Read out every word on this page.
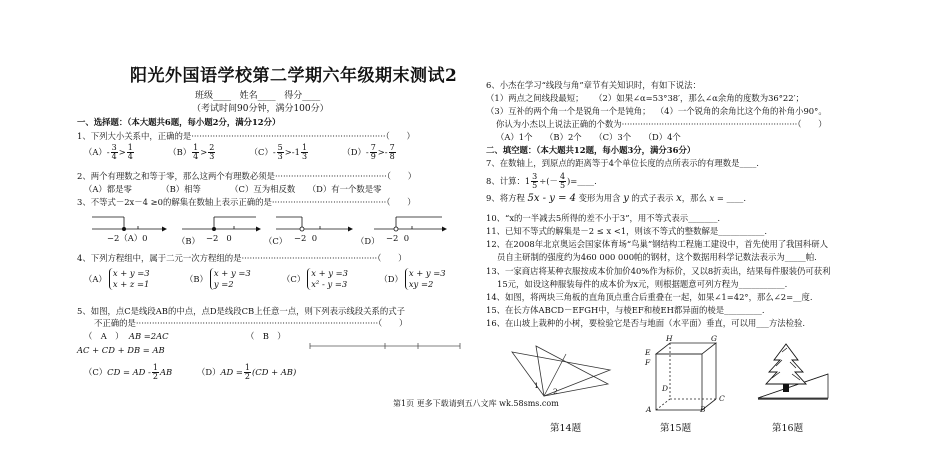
阳光外国语学校第二学期六年级期末测试2
班级____ 姓名____ 得分____
（考试时间90分钟，满分100分）
一、选择题：（本大题共6题，每小题2分，满分12分）
1、下列大小关系中，正确的是·········································································（　　）
$(A)- \frac{3}{4} > \frac{1}{4}$	$(B) \frac{1}{4} > \frac{2}{3}$	$(C)- \frac{5}{3} >-1 \frac{1}{3}$	$(D)- \frac{7}{9} >- \frac{7}{8}$
2、两个有理数之和等于零，那么这两个有理数必须是··········································（　　）
（A）都是零　　　　（B）相等　　　　（C）互为相反数　　（D）有一个数是零
3、不等式－2x－4 ≥0的解集在数轴上表示正确的是···········································（　　）
−2（A）0	（B） −2 0	（C） −2 0	（D） −2 0
4、下列方程组中，属于二元一次方程组的是···················································（　　）
（A）
x + y =3
x + z =1
（B）
x + y =3
y =2
（C）
x + y =3
x² - y =3
（D）
x + y =3
xy =2
5、如图，点C是线段AB的中点，点D是线段CB上任意一点，则下列表示线段关系的式子
不正确的是···························································································（　　）
（　A　） AB =2AC	（　B　）
AC + CD + DB = AB
（C）CD = AD - $\frac{1}{2}$ AB	$(D)AD = \frac{1}{2} (CD + AB)$
第1页 更多下载请到五八文库 wk.58sms.com
6、小杰在学习“线段与角”章节有关知识时，有如下说法：
（1）两点之间线段最短； （2）如果∠α=53°38′，那么∠α余角的度数为36°22′；
（3）互补的两个角一个是锐角一个是钝角； （4）一个锐角的余角比这个角的补角小90°。
你认为小杰以上说法正确的个数为··································································（　　）
（A）1个　　（B）2个　　（C）3个　　（D）4个
二、填空题：（本大题共12题，每小题3分，满分36分）
7、在数轴上，到原点的距离等于4个单位长度的点所表示的有理数是____.
8、计算：$1 \frac{3}{5}$ ÷(－ $\frac{4}{5}$ )=____.
9、将方程 5x - y = 4 变形为用含 y 的式子表示 x，那么 x = ____.
10、“x的一半减去5所得的差不小于3”，用不等式表示_______.
11、已知不等式的解集是－2 ≤ x <1，则该不等式的整数解是___________.
12、在2008年北京奥运会国家体育场“鸟巢”钢结构工程施工建设中，首先使用了我国科研人
员自主研制的强度约为460 000 000帕的钢材，这个数据用科学记数法表示为_____帕.
13、一家商店将某种衣服按成本价加价40%作为标价，又以8折卖出，结果每件服装仍可获利
15元，如设这种服装每件的成本价为x元，则根据题意可列方程为___________.
14、如图，将两块三角板的直角顶点重合后重叠在一起，如果∠1=42°，那么∠2=__度.
15、在长方体ABCD－EFGH中，与棱EF和棱EH都异面的棱是_________.
16、在山坡上栽种的小树，要检验它是否与地面（水平面）垂直，可以用___方法检验.
1
2
第14题
H	G
E
F
D
C
A	B
第15题	第16题
